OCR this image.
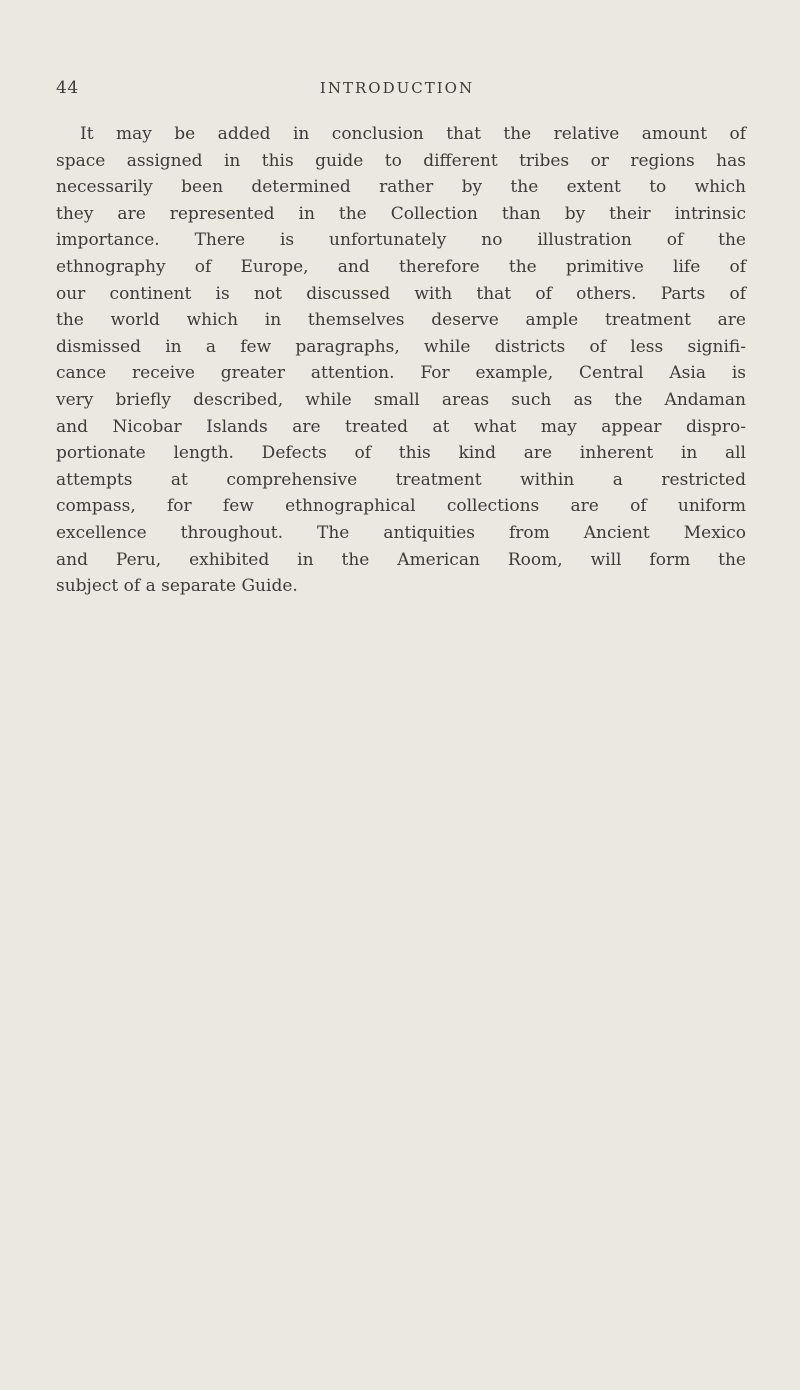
44	INTRODUCTION
It may be added in conclusion that the relative amount of
space assigned in this guide to different tribes or regions has
necessarily been determined rather by the extent to which
they are represented in the Collection than by their intrinsic
importance. There is unfortunately no illustration of the
ethnography of Europe, and therefore the primitive life of
our continent is not discussed with that of others. Parts of
the world which in themselves deserve ample treatment are
dismissed in a few paragraphs, while districts of less signifi-
cance receive greater attention. For example, Central Asia is
very briefly described, while small areas such as the Andaman
and Nicobar Islands are treated at what may appear dispro-
portionate length. Defects of this kind are inherent in all
attempts at comprehensive treatment within a restricted
compass, for few ethnographical collections are of uniform
excellence throughout. The antiquities from Ancient Mexico
and Peru, exhibited in the American Room, will form the
subject of a separate Guide.
